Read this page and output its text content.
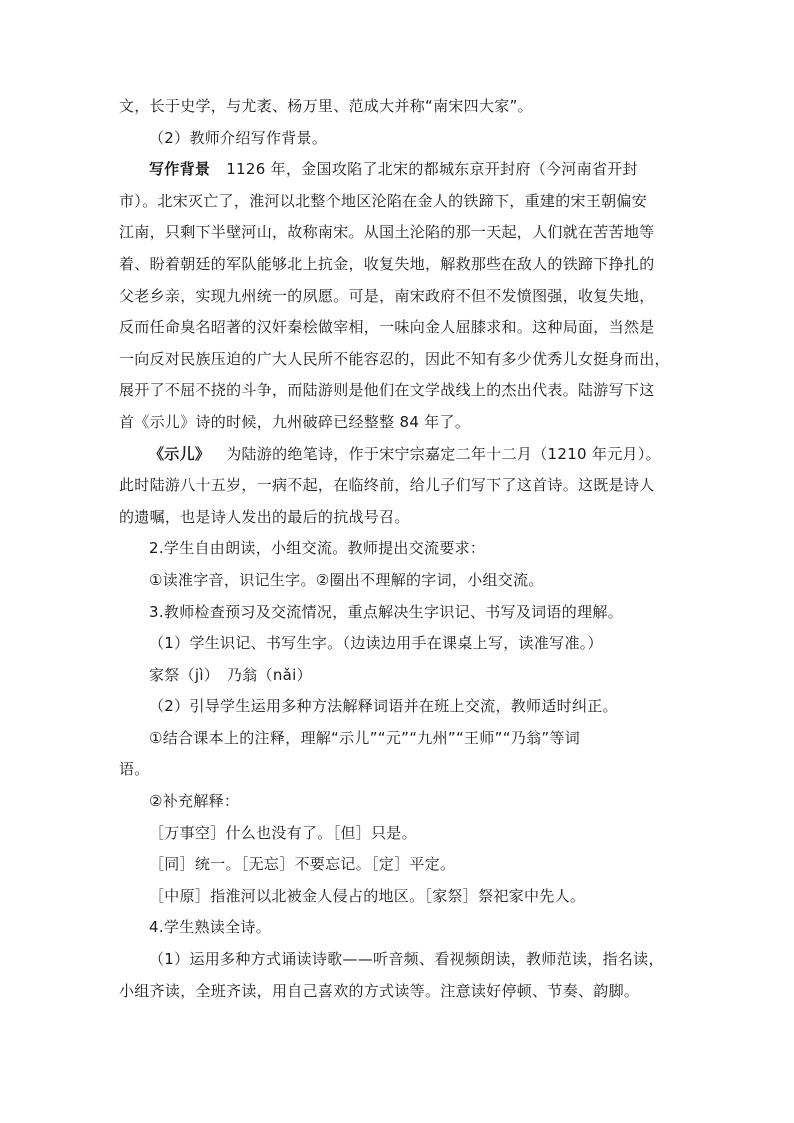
文，长于史学，与尤袤、杨万里、范成大并称“南宋四大家”。
（2）教师介绍写作背景。
写作背景 1126 年，金国攻陷了北宋的都城东京开封府（今河南省开封
市）。北宋灭亡了，淮河以北整个地区沦陷在金人的铁蹄下，重建的宋王朝偏安
江南，只剩下半壁河山，故称南宋。从国土沦陷的那一天起，人们就在苦苦地等
着、盼着朝廷的军队能够北上抗金，收复失地，解救那些在敌人的铁蹄下挣扎的
父老乡亲，实现九州统一的夙愿。可是，南宋政府不但不发愤图强，收复失地，
反而任命臭名昭著的汉奸秦桧做宰相，一味向金人屈膝求和。这种局面，当然是
一向反对民族压迫的广大人民所不能容忍的，因此不知有多少优秀儿女挺身而出，
展开了不屈不挠的斗争，而陆游则是他们在文学战线上的杰出代表。陆游写下这
首《示儿》诗的时候，九州破碎已经整整 84 年了。
《示儿》 为陆游的绝笔诗，作于宋宁宗嘉定二年十二月（1210 年元月）。
此时陆游八十五岁，一病不起，在临终前，给儿子们写下了这首诗。这既是诗人
的遗嘱，也是诗人发出的最后的抗战号召。
2.学生自由朗读，小组交流。教师提出交流要求：
①读准字音，识记生字。②圈出不理解的字词，小组交流。
3.教师检查预习及交流情况，重点解决生字识记、书写及词语的理解。
（1）学生识记、书写生字。（边读边用手在课桌上写，读准写准。）
家祭（jì）　乃翁（nǎi）
（2）引导学生运用多种方法解释词语并在班上交流，教师适时纠正。
①结合课本上的注释，理解“示儿”“元”“九州”“王师”“乃翁”等词
语。
②补充解释：
［万事空］什么也没有了。［但］只是。
［同］统一。［无忘］不要忘记。［定］平定。
［中原］指淮河以北被金人侵占的地区。［家祭］祭祀家中先人。
4.学生熟读全诗。
（1）运用多种方式诵读诗歌——听音频、看视频朗读，教师范读，指名读，
小组齐读，全班齐读，用自己喜欢的方式读等。注意读好停顿、节奏、韵脚。
